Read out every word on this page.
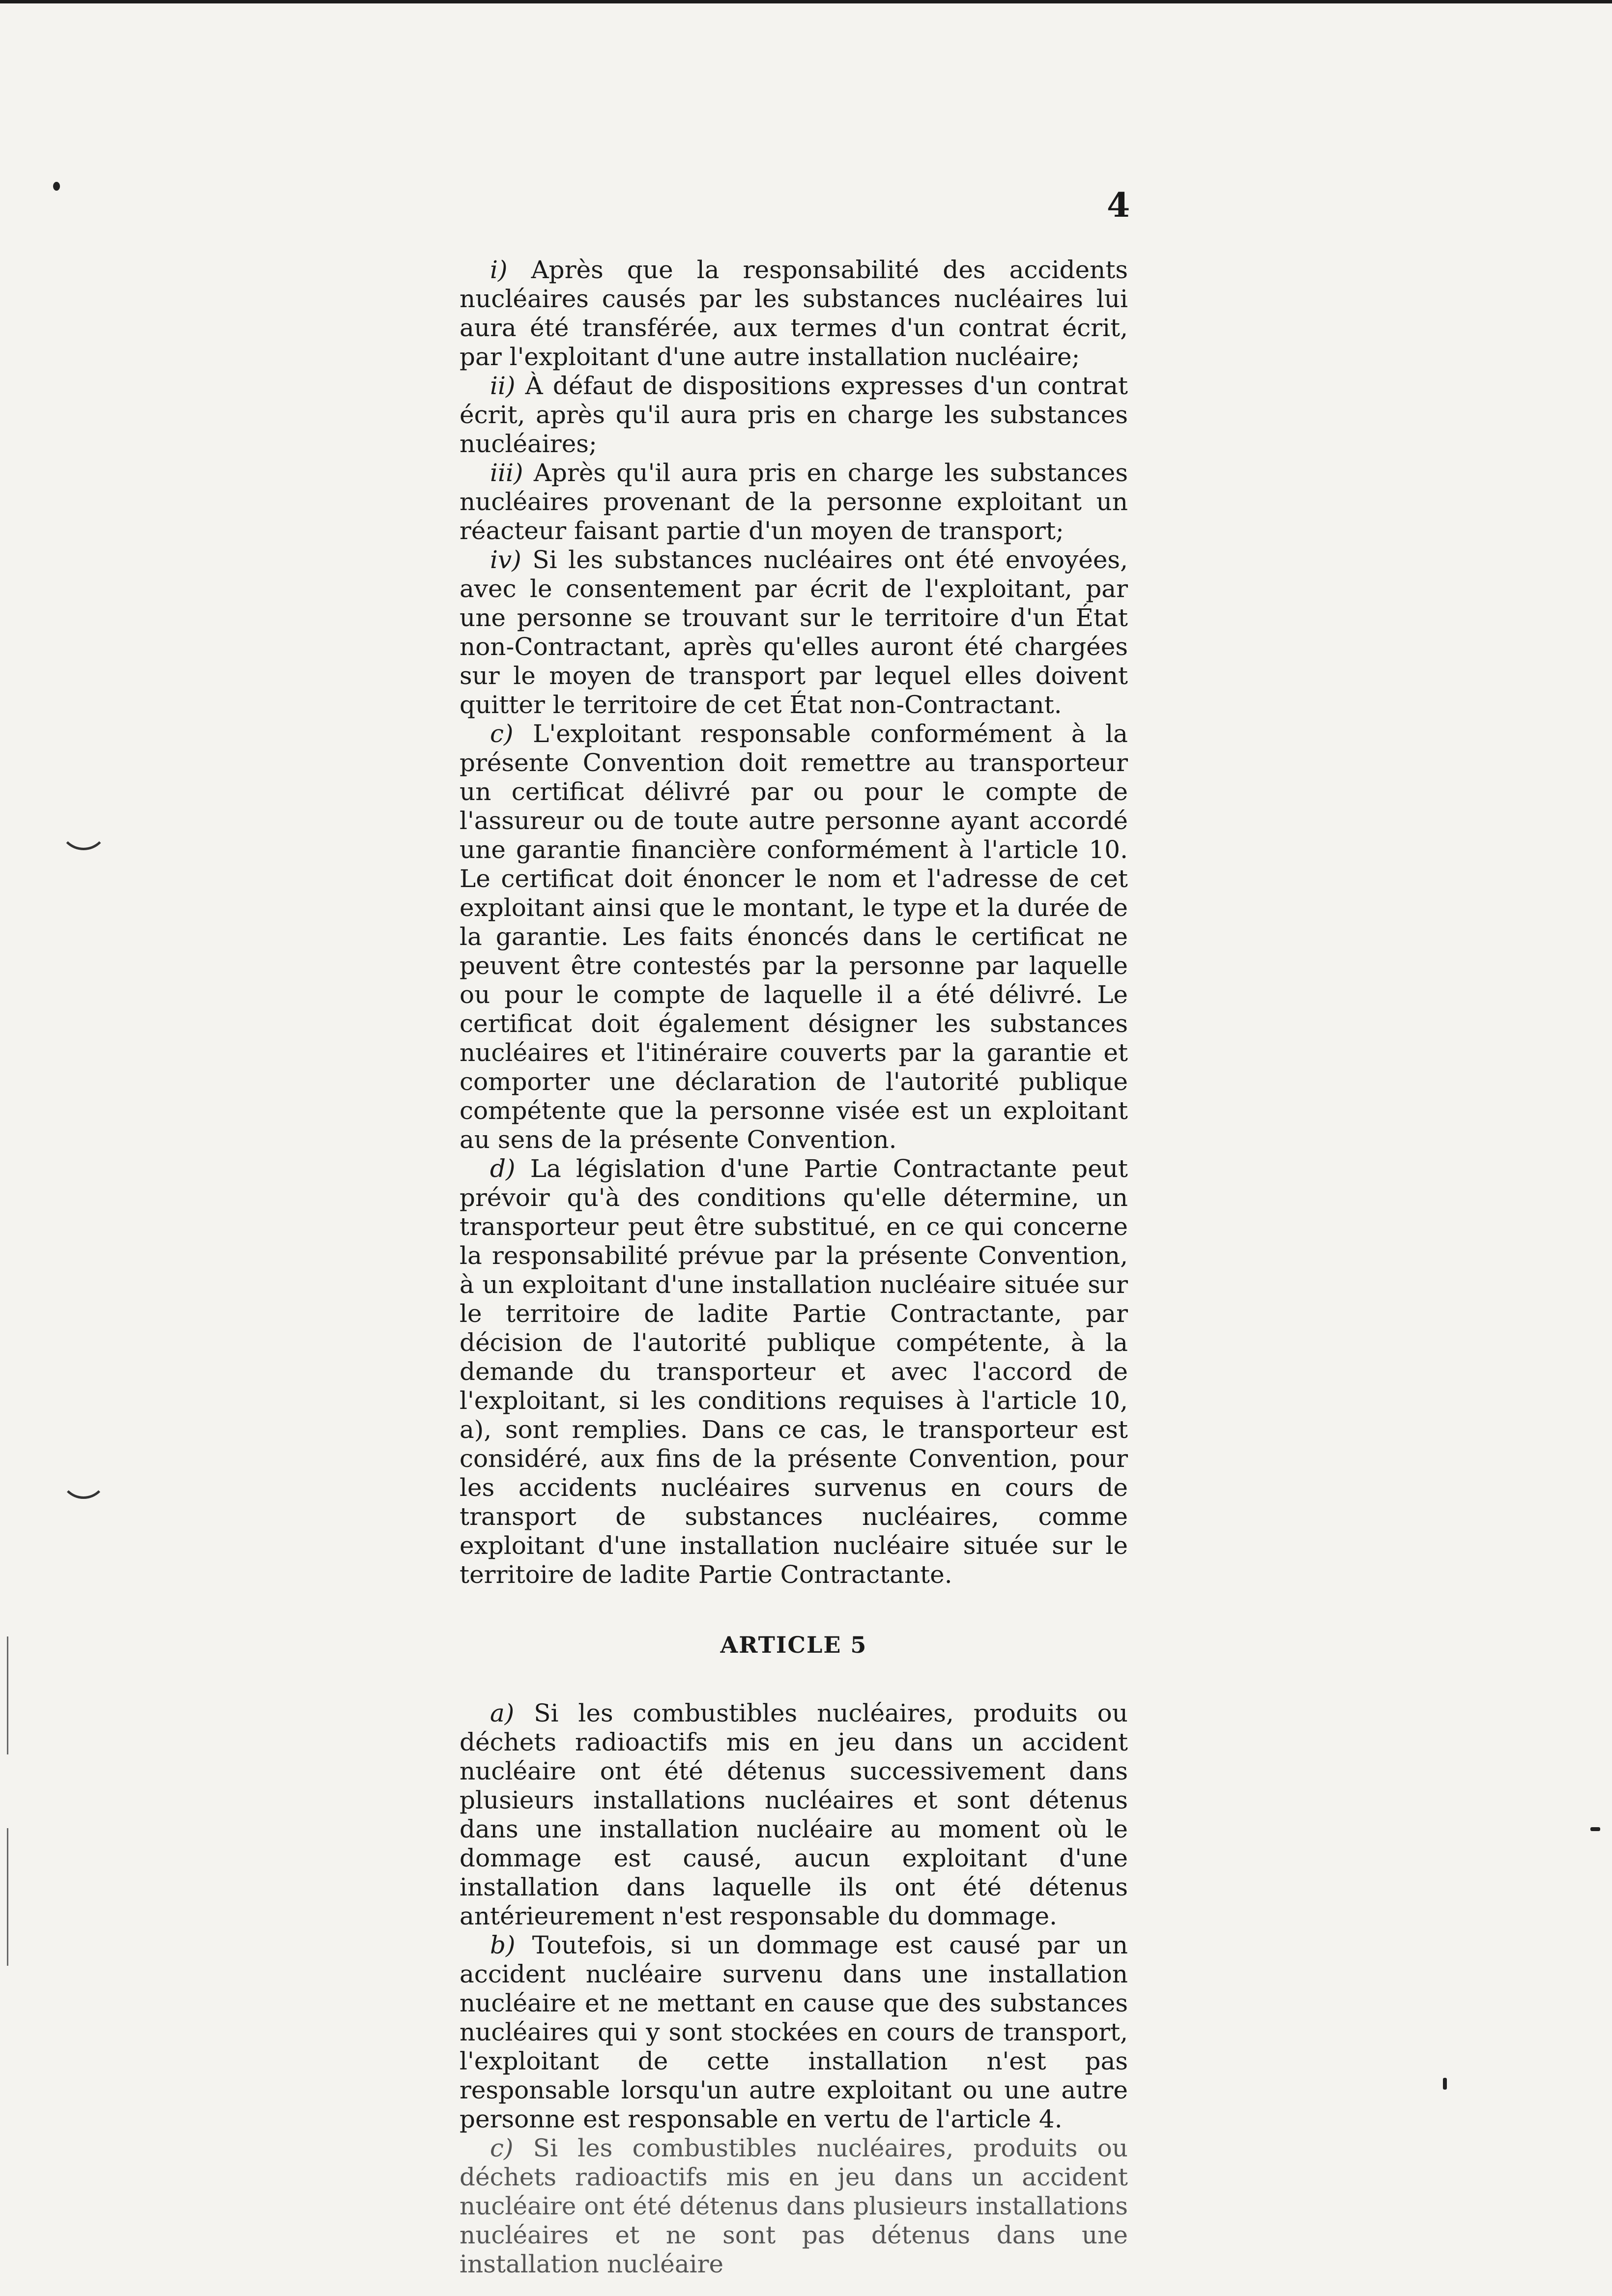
4

i) Après que la responsabilité des accidents nucléaires causés par les substances nucléaires lui aura été transférée, aux termes d'un contrat écrit, par l'exploitant d'une autre installation nucléaire;

ii) À défaut de dispositions expresses d'un contrat écrit, après qu'il aura pris en charge les substances nucléaires;

iii) Après qu'il aura pris en charge les substances nucléaires provenant de la personne exploitant un réacteur faisant partie d'un moyen de transport;

iv) Si les substances nucléaires ont été envoyées, avec le consentement par écrit de l'exploitant, par une personne se trouvant sur le territoire d'un État non-Contractant, après qu'elles auront été chargées sur le moyen de transport par lequel elles doivent quitter le territoire de cet État non-Contractant.

c) L'exploitant responsable conformément à la présente Convention doit remettre au transporteur un certificat délivré par ou pour le compte de l'assureur ou de toute autre personne ayant accordé une garantie financière conformément à l'article 10. Le certificat doit énoncer le nom et l'adresse de cet exploitant ainsi que le montant, le type et la durée de la garantie. Les faits énoncés dans le certificat ne peuvent être contestés par la personne par laquelle ou pour le compte de laquelle il a été délivré. Le certificat doit également désigner les substances nucléaires et l'itinéraire couverts par la garantie et comporter une déclaration de l'autorité publique compétente que la personne visée est un exploitant au sens de la présente Convention.

d) La législation d'une Partie Contractante peut prévoir qu'à des conditions qu'elle détermine, un transporteur peut être substitué, en ce qui concerne la responsabilité prévue par la présente Convention, à un exploitant d'une installation nucléaire située sur le territoire de ladite Partie Contractante, par décision de l'autorité publique compétente, à la demande du transporteur et avec l'accord de l'exploitant, si les conditions requises à l'article 10, a), sont remplies. Dans ce cas, le transporteur est considéré, aux fins de la présente Convention, pour les accidents nucléaires survenus en cours de transport de substances nucléaires, comme exploitant d'une installation nucléaire située sur le territoire de ladite Partie Contractante.

ARTICLE 5

a) Si les combustibles nucléaires, produits ou déchets radioactifs mis en jeu dans un accident nucléaire ont été détenus successivement dans plusieurs installations nucléaires et sont détenus dans une installation nucléaire au moment où le dommage est causé, aucun exploitant d'une installation dans laquelle ils ont été détenus antérieurement n'est responsable du dommage.

b) Toutefois, si un dommage est causé par un accident nucléaire survenu dans une installation nucléaire et ne mettant en cause que des substances nucléaires qui y sont stockées en cours de transport, l'exploitant de cette installation n'est pas responsable lorsqu'un autre exploitant ou une autre personne est responsable en vertu de l'article 4.

c) Si les combustibles nucléaires, produits ou déchets radioactifs mis en jeu dans un accident nucléaire ont été détenus dans plusieurs installations nucléaires et ne sont pas détenus dans une installation nucléaire
